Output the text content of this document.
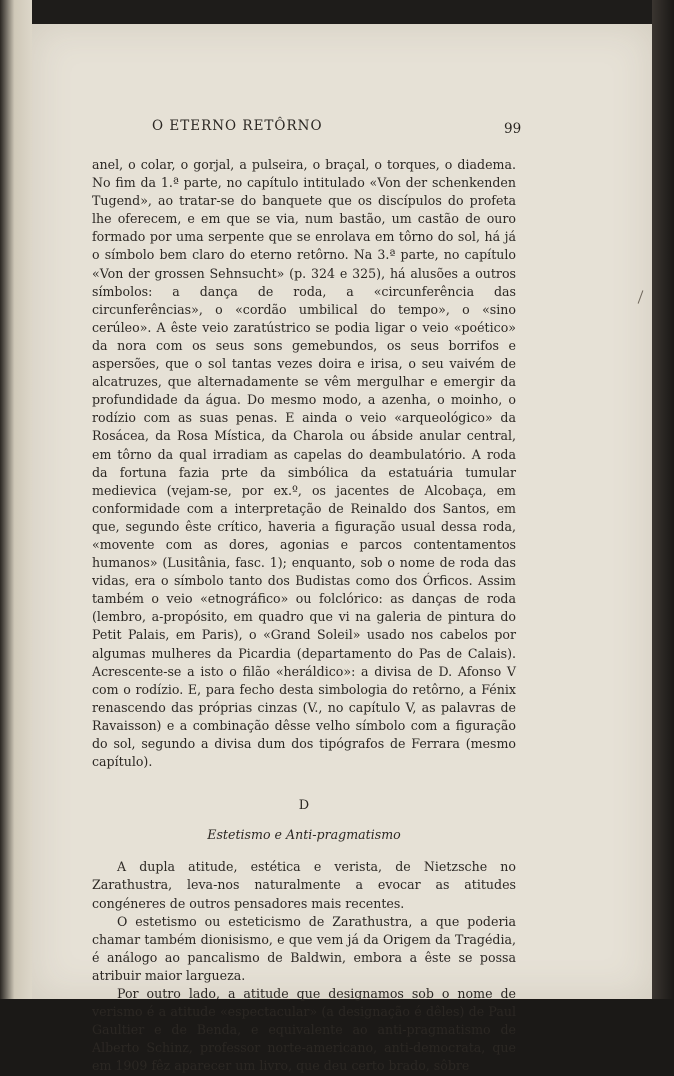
O ETERNO RETÔRNO	99

anel, o colar, o gorjal, a pulseira, o braçal, o torques, o diadema. No fim da 1.ª parte, no capítulo intitulado «Von der schenkenden Tugend», ao tratar-se do banquete que os discípulos do profeta lhe oferecem, e em que se via, num bastão, um castão de ouro formado por uma serpente que se enrolava em tôrno do sol, há já o símbolo bem claro do eterno retôrno. Na 3.ª parte, no capítulo «Von der grossen Sehnsucht» (p. 324 e 325), há alusões a outros símbolos: a dança de roda, a «circunferência das circunferências», o «cordão umbilical do tempo», o «sino cerúleo». A êste veio zaratústrico se podia ligar o veio «poético» da nora com os seus sons gemebundos, os seus borrifos e aspersões, que o sol tantas vezes doira e irisa, o seu vaivém de alcatruzes, que alternadamente se vêm mergulhar e emergir da profundidade da água. Do mesmo modo, a azenha, o moinho, o rodízio com as suas penas. E ainda o veio «arqueológico» da Rosácea, da Rosa Mística, da Charola ou ábside anular central, em tôrno da qual irradiam as capelas do deambulatório. A roda da fortuna fazia prte da simbólica da estatuária tumular medievica (vejam-se, por ex.º, os jacentes de Alcobaça, em conformidade com a interpretação de Reinaldo dos Santos, em que, segundo êste crítico, haveria a figuração usual dessa roda, «movente com as dores, agonias e parcos contentamentos humanos» (Lusitânia, fasc. 1); enquanto, sob o nome de roda das vidas, era o símbolo tanto dos Budistas como dos Órficos. Assim também o veio «etnográfico» ou folclórico: as danças de roda (lembro, a-propósito, em quadro que vi na galeria de pintura do Petit Palais, em Paris), o «Grand Soleil» usado nos cabelos por algumas mulheres da Picardia (departamento do Pas de Calais). Acrescente-se a isto o filão «heráldico»: a divisa de D. Afonso V com o rodízio. E, para fecho desta simbologia do retôrno, a Fénix renascendo das próprias cinzas (V., no capítulo V, as palavras de Ravaisson) e a combinação dêsse velho símbolo com a figuração do sol, segundo a divisa dum dos tipógrafos de Ferrara (mesmo capítulo).

D
Estetismo e Anti-pragmatismo

A dupla atitude, estética e verista, de Nietzsche no Zarathustra, leva-nos naturalmente a evocar as atitudes congéneres de outros pensadores mais recentes.

O estetismo ou esteticismo de Zarathustra, a que poderia chamar também dionisismo, e que vem já da Origem da Tragédia, é análogo ao pancalismo de Baldwin, embora a êste se possa atribuir maior largueza.

Por outro lado, a atitude que designamos sob o nome de verismo é a atitude «espectacular» (a designação é dêles) de Paul Gaultier e de Benda, e equivalente ao anti-pragmatismo de Alberto Schinz, professor norte-americano, anti-democrata, que em 1909 fêz aparecer um livro, que deu certo brado, sôbre
